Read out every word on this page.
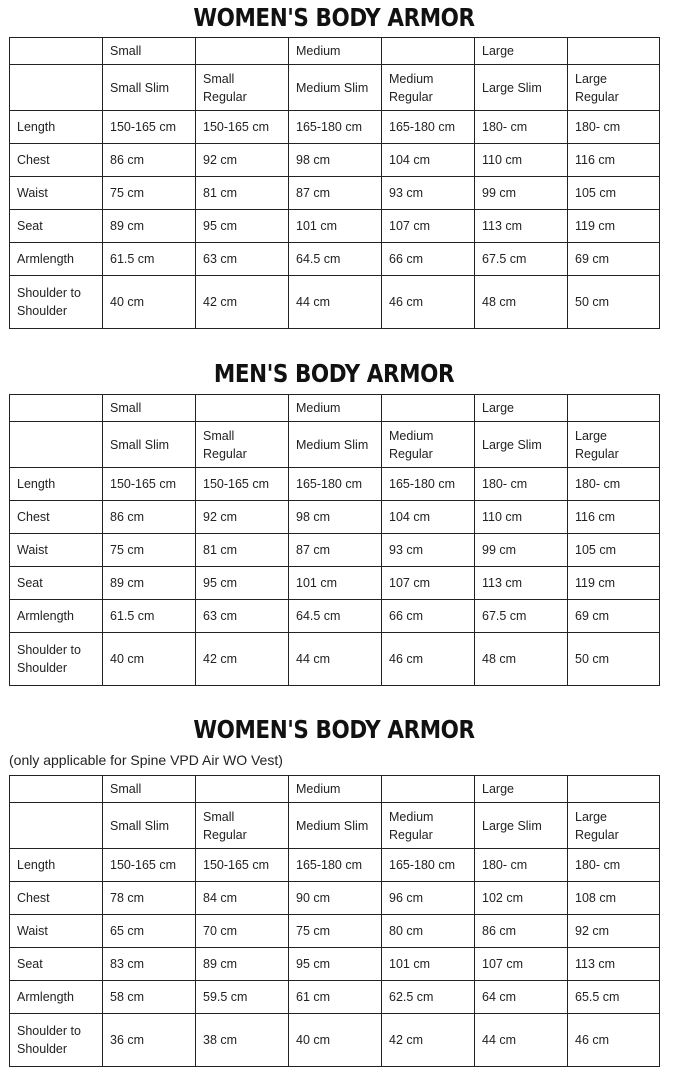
WOMEN'S BODY ARMOR
	Small		Medium		Large	
	Small Slim	Small Regular	Medium Slim	Medium Regular	Large Slim	Large Regular
Length	150-165 cm	150-165 cm	165-180 cm	165-180 cm	180- cm	180- cm
Chest	86 cm	92 cm	98 cm	104 cm	110 cm	116 cm
Waist	75 cm	81 cm	87 cm	93 cm	99 cm	105 cm
Seat	89 cm	95 cm	101 cm	107 cm	113 cm	119 cm
Armlength	61.5 cm	63 cm	64.5 cm	66 cm	67.5 cm	69 cm
Shoulder to Shoulder	40 cm	42 cm	44 cm	46 cm	48 cm	50 cm
MEN'S BODY ARMOR
	Small		Medium		Large	
	Small Slim	Small Regular	Medium Slim	Medium Regular	Large Slim	Large Regular
Length	150-165 cm	150-165 cm	165-180 cm	165-180 cm	180- cm	180- cm
Chest	86 cm	92 cm	98 cm	104 cm	110 cm	116 cm
Waist	75 cm	81 cm	87 cm	93 cm	99 cm	105 cm
Seat	89 cm	95 cm	101 cm	107 cm	113 cm	119 cm
Armlength	61.5 cm	63 cm	64.5 cm	66 cm	67.5 cm	69 cm
Shoulder to Shoulder	40 cm	42 cm	44 cm	46 cm	48 cm	50 cm
WOMEN'S BODY ARMOR
(only applicable for Spine VPD Air WO Vest)
	Small		Medium		Large	
	Small Slim	Small Regular	Medium Slim	Medium Regular	Large Slim	Large Regular
Length	150-165 cm	150-165 cm	165-180 cm	165-180 cm	180- cm	180- cm
Chest	78 cm	84 cm	90 cm	96 cm	102 cm	108 cm
Waist	65 cm	70 cm	75 cm	80 cm	86 cm	92 cm
Seat	83 cm	89 cm	95 cm	101 cm	107 cm	113 cm
Armlength	58 cm	59.5 cm	61 cm	62.5 cm	64 cm	65.5 cm
Shoulder to Shoulder	36 cm	38 cm	40 cm	42 cm	44 cm	46 cm
